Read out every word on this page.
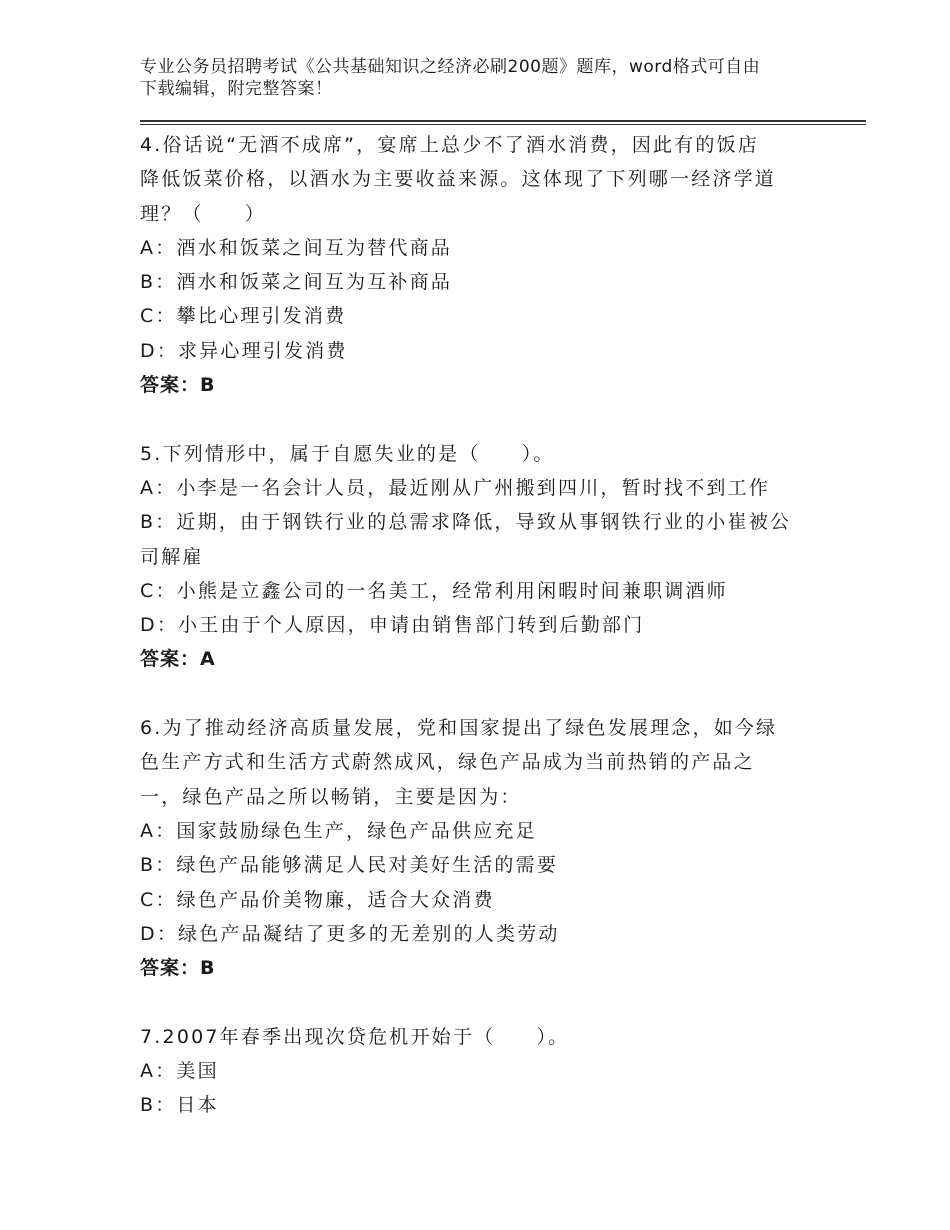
专业公务员招聘考试《公共基础知识之经济必刷200题》题库，word格式可自由
下载编辑，附完整答案！
4.俗话说“无酒不成席”，宴席上总少不了酒水消费，因此有的饭店
降低饭菜价格，以酒水为主要收益来源。这体现了下列哪一经济学道
理？（     ）
A：酒水和饭菜之间互为替代商品
B：酒水和饭菜之间互为互补商品
C：攀比心理引发消费
D：求异心理引发消费
答案：B
5.下列情形中，属于自愿失业的是（     ）。
A：小李是一名会计人员，最近刚从广州搬到四川，暂时找不到工作
B：近期，由于钢铁行业的总需求降低，导致从事钢铁行业的小崔被公
司解雇
C：小熊是立鑫公司的一名美工，经常利用闲暇时间兼职调酒师
D：小王由于个人原因，申请由销售部门转到后勤部门
答案：A
6.为了推动经济高质量发展，党和国家提出了绿色发展理念，如今绿
色生产方式和生活方式蔚然成风，绿色产品成为当前热销的产品之
一，绿色产品之所以畅销，主要是因为：
A：国家鼓励绿色生产，绿色产品供应充足
B：绿色产品能够满足人民对美好生活的需要
C：绿色产品价美物廉，适合大众消费
D：绿色产品凝结了更多的无差别的人类劳动
答案：B
7.2007年春季出现次贷危机开始于（     ）。
A：美国
B：日本
